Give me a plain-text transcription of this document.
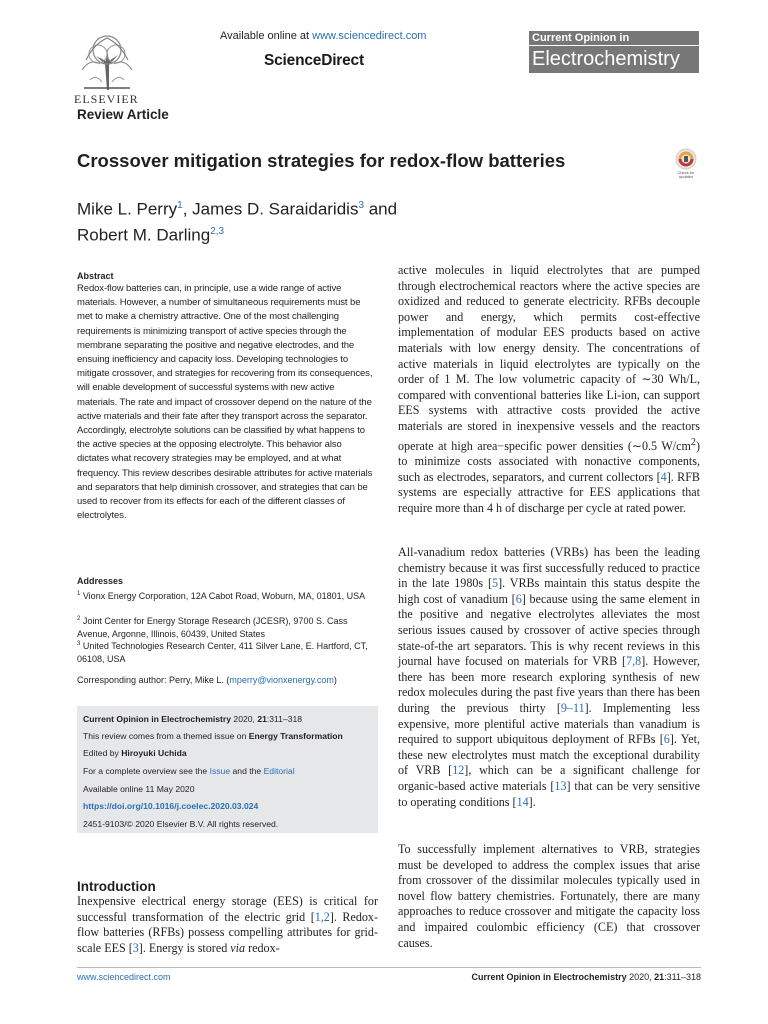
ELSEVIER
Available online at www.sciencedirect.com
ScienceDirect
Current Opinion in
Electrochemistry
Review Article
Crossover mitigation strategies for redox-flow batteries
Check for
updates
Mike L. Perry$^1$, James D. Saraidaridis$^3$ and
Robert M. Darling$^{2,3}$
Abstract
Redox-flow batteries can, in principle, use a wide range of active materials. However, a number of simultaneous requirements must be met to make a chemistry attractive. One of the most challenging requirements is minimizing transport of active species through the membrane separating the positive and negative electrodes, and the ensuing inefficiency and capacity loss. Developing technologies to mitigate crossover, and strategies for recovering from its consequences, will enable development of successful systems with new active materials. The rate and impact of crossover depend on the nature of the active materials and their fate after they transport across the separator. Accordingly, electrolyte solutions can be classified by what happens to the active species at the opposing electrolyte. This behavior also dictates what recovery strategies may be employed, and at what frequency. This review describes desirable attributes for active materials and separators that help diminish crossover, and strategies that can be used to recover from its effects for each of the different classes of electrolytes.
Addresses
$^1$ Vionx Energy Corporation, 12A Cabot Road, Woburn, MA, 01801, USA
$^2$ Joint Center for Energy Storage Research (JCESR), 9700 S. Cass Avenue, Argonne, Illinois, 60439, United States
$^3$ United Technologies Research Center, 411 Silver Lane, E. Hartford, CT, 06108, USA
Corresponding author: Perry, Mike L. (mperry@vionxenergy.com)
Current Opinion in Electrochemistry 2020, 21:311–318
This review comes from a themed issue on Energy Transformation
Edited by Hiroyuki Uchida
For a complete overview see the Issue and the Editorial
Available online 11 May 2020
https://doi.org/10.1016/j.coelec.2020.03.024
2451-9103/© 2020 Elsevier B.V. All rights reserved.
Introduction
Inexpensive electrical energy storage (EES) is critical for successful transformation of the electric grid [1,2]. Redox-flow batteries (RFBs) possess compelling attributes for grid-scale EES [3]. Energy is stored via redox-
active molecules in liquid electrolytes that are pumped through electrochemical reactors where the active species are oxidized and reduced to generate electricity. RFBs decouple power and energy, which permits cost-effective implementation of modular EES products based on active materials with low energy density. The concentrations of active materials in liquid electrolytes are typically on the order of 1 M. The low volumetric capacity of ∼30 Wh/L, compared with conventional batteries like Li-ion, can support EES systems with attractive costs provided the active materials are stored in inexpensive vessels and the reactors operate at high area−specific power densities (∼0.5 $W/cm^2$) to minimize costs associated with nonactive components, such as electrodes, separators, and current collectors [4]. RFB systems are especially attractive for EES applications that require more than 4 h of discharge per cycle at rated power.
All-vanadium redox batteries (VRBs) has been the leading chemistry because it was first successfully reduced to practice in the late 1980s [5]. VRBs maintain this status despite the high cost of vanadium [6] because using the same element in the positive and negative electrolytes alleviates the most serious issues caused by crossover of active species through state-of-the art separators. This is why recent reviews in this journal have focused on materials for VRB [7,8]. However, there has been more research exploring synthesis of new redox molecules during the past five years than there has been during the previous thirty [9–11]. Implementing less expensive, more plentiful active materials than vanadium is required to support ubiquitous deployment of RFBs [6]. Yet, these new electrolytes must match the exceptional durability of VRB [12], which can be a significant challenge for organic-based active materials [13] that can be very sensitive to operating conditions [14].
To successfully implement alternatives to VRB, strategies must be developed to address the complex issues that arise from crossover of the dissimilar molecules typically used in novel flow battery chemistries. Fortunately, there are many approaches to reduce crossover and mitigate the capacity loss and impaired coulombic efficiency (CE) that crossover causes.
www.sciencedirect.com	Current Opinion in Electrochemistry 2020, 21:311–318
